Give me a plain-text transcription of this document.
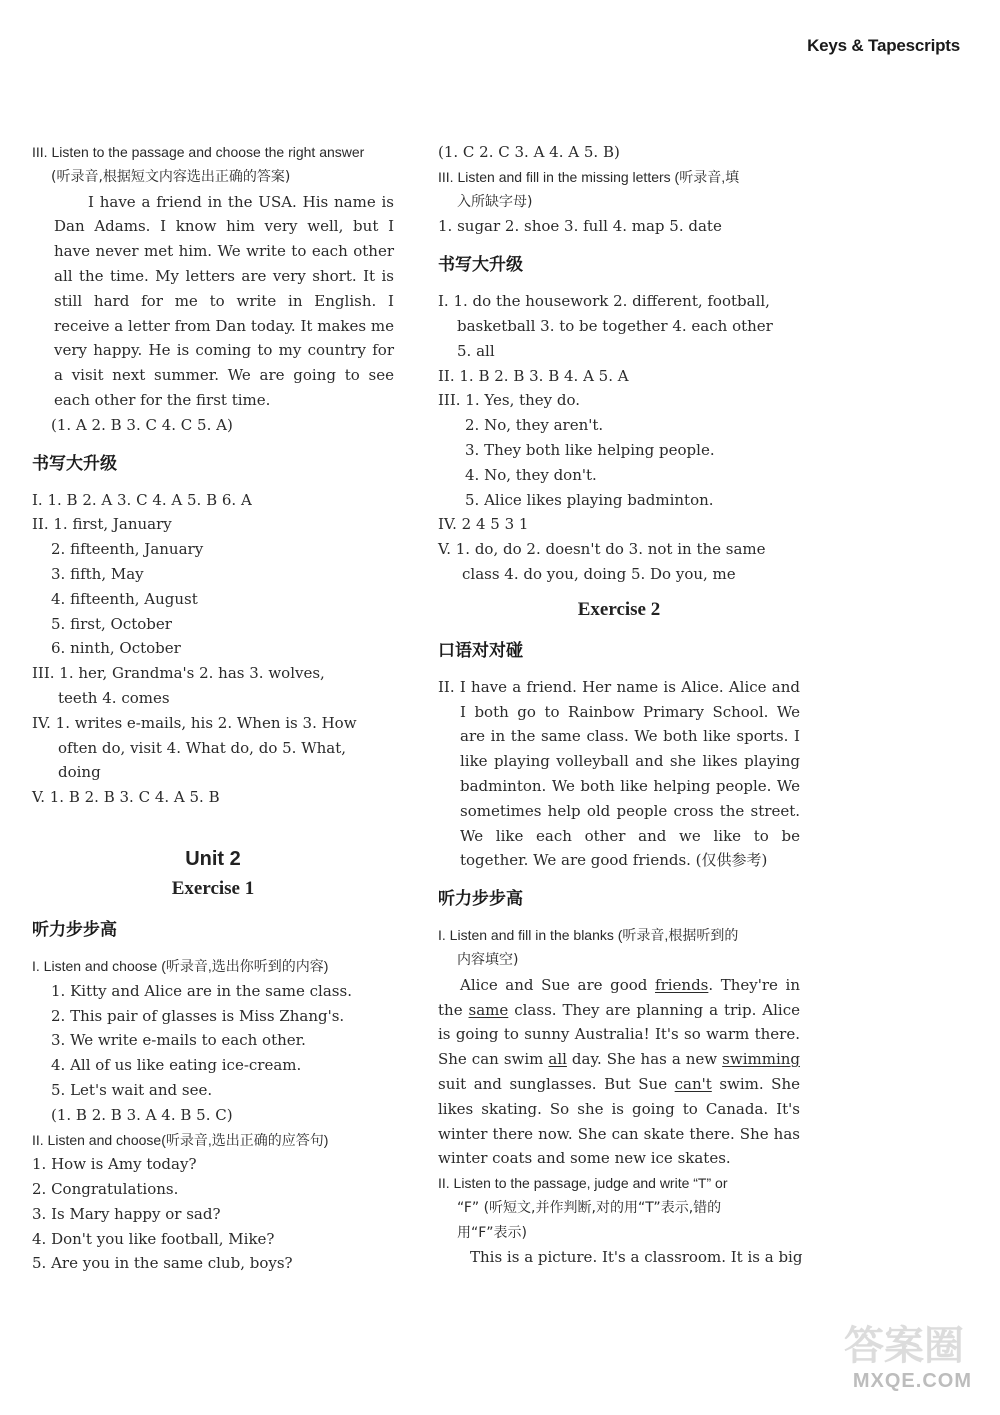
Keys & Tapescripts
III. Listen to the passage and choose the right answer
(听录音,根据短文内容选出正确的答案)
I have a friend in the USA. His name is Dan Adams. I know him very well, but I have never met him. We write to each other all the time. My letters are very short. It is still hard for me to write in English. I receive a letter from Dan today. It makes me very happy. He is coming to my country for a visit next summer. We are going to see each other for the first time.
(1. A 2. B 3. C 4. C 5. A)
书写大升级
I. 1. B 2. A 3. C 4. A 5. B 6. A
II. 1. first, January
2. fifteenth, January
3. fifth, May
4. fifteenth, August
5. first, October
6. ninth, October
III. 1. her, Grandma's 2. has 3. wolves,
teeth 4. comes
IV. 1. writes e-mails, his 2. When is 3. How
often do, visit 4. What do, do 5. What,
doing
V. 1. B 2. B 3. C 4. A 5. B
Unit 2
Exercise 1
听力步步高
I. Listen and choose (听录音,选出你听到的内容)
1. Kitty and Alice are in the same class.
2. This pair of glasses is Miss Zhang's.
3. We write e-mails to each other.
4. All of us like eating ice-cream.
5. Let's wait and see.
(1. B 2. B 3. A 4. B 5. C)
II. Listen and choose(听录音,选出正确的应答句)
1. How is Amy today?
2. Congratulations.
3. Is Mary happy or sad?
4. Don't you like football, Mike?
5. Are you in the same club, boys?
(1. C 2. C 3. A 4. A 5. B)
III. Listen and fill in the missing letters (听录音,填
入所缺字母)
1. sugar 2. shoe 3. full 4. map 5. date
书写大升级
I. 1. do the housework 2. different, football,
basketball 3. to be together 4. each other
5. all
II. 1. B 2. B 3. B 4. A 5. A
III. 1. Yes, they do.
2. No, they aren't.
3. They both like helping people.
4. No, they don't.
5. Alice likes playing badminton.
IV. 2 4 5 3 1
V. 1. do, do 2. doesn't do 3. not in the same
class 4. do you, doing 5. Do you, me
Exercise 2
口语对对碰
II. I have a friend. Her name is Alice. Alice and I both go to Rainbow Primary School. We are in the same class. We both like sports. I like playing volleyball and she likes playing badminton. We both like helping people. We sometimes help old people cross the street. We like each other and we like to be together. We are good friends. (仅供参考)
听力步步高
I. Listen and fill in the blanks (听录音,根据听到的
内容填空)
Alice and Sue are good friends. They're in the same class. They are planning a trip. Alice is going to sunny Australia! It's so warm there. She can swim all day. She has a new swimming suit and sunglasses. But Sue can't swim. She likes skating. So she is going to Canada. It's winter there now. She can skate there. She has winter coats and some new ice skates.
II. Listen to the passage, judge and write “T” or
“F” (听短文,并作判断,对的用“T”表示,错的
用“F”表示)
This is a picture. It's a classroom. It is a big
答案圈
MXQE.COM
